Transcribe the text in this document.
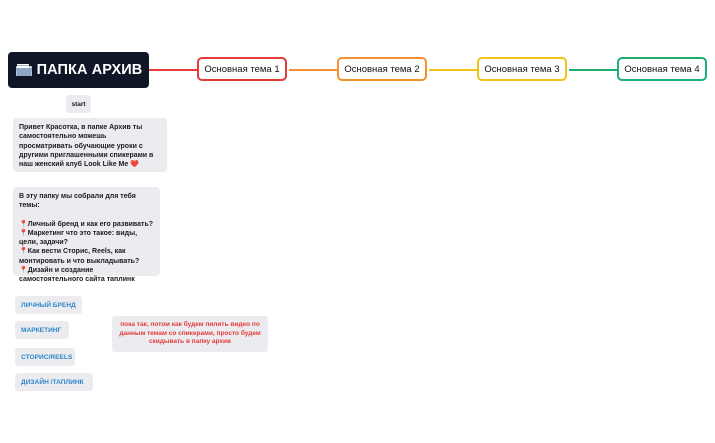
ПАПКА АРХИВ	Основная тема 1	Основная тема 2	Основная тема 3	Основная тема 4
start
Привет Красотка, в папке Архив ты самостоятельно можешь просматривать обучающие уроки с другими приглашенными спикерами в наш женский клуб Look Like Me ❤️
В эту папку мы собрали для тебя темы:
📍Личный бренд и как его развивать?
📍Маркетинг что это такое: виды, цели, задачи?
📍Как вести Сторис, Reels, как монтировать и что выкладывать?
📍Дизайн и создание самостоятельного сайта таплинк
ЛИЧНЫЙ БРЕНД
МАРКЕТИНГ
СТОРИС/REELS
ДИЗАЙН /ТАПЛИНК
пока так, потом как будем пилить видео по данным темам со спикерами, просто будем скидывать в папку архив
